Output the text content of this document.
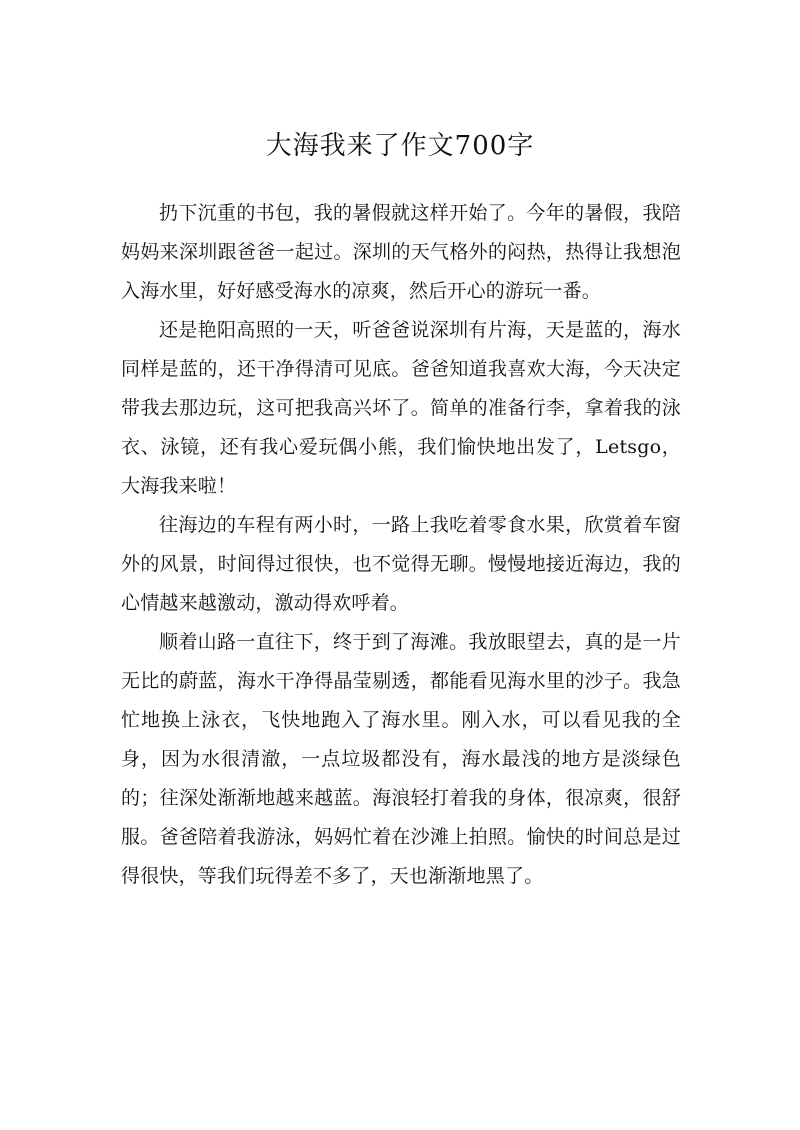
大海我来了作文700字

扔下沉重的书包，我的暑假就这样开始了。今年的暑假，我陪妈妈来深圳跟爸爸一起过。深圳的天气格外的闷热，热得让我想泡入海水里，好好感受海水的凉爽，然后开心的游玩一番。

还是艳阳高照的一天，听爸爸说深圳有片海，天是蓝的，海水同样是蓝的，还干净得清可见底。爸爸知道我喜欢大海，今天决定带我去那边玩，这可把我高兴坏了。简单的准备行李，拿着我的泳衣、泳镜，还有我心爱玩偶小熊，我们愉快地出发了，Letsgo，大海我来啦！

往海边的车程有两小时，一路上我吃着零食水果，欣赏着车窗外的风景，时间得过很快，也不觉得无聊。慢慢地接近海边，我的心情越来越激动，激动得欢呼着。

顺着山路一直往下，终于到了海滩。我放眼望去，真的是一片无比的蔚蓝，海水干净得晶莹剔透，都能看见海水里的沙子。我急忙地换上泳衣，飞快地跑入了海水里。刚入水，可以看见我的全身，因为水很清澈，一点垃圾都没有，海水最浅的地方是淡绿色的；往深处渐渐地越来越蓝。海浪轻打着我的身体，很凉爽，很舒服。爸爸陪着我游泳，妈妈忙着在沙滩上拍照。愉快的时间总是过得很快，等我们玩得差不多了，天也渐渐地黑了。
